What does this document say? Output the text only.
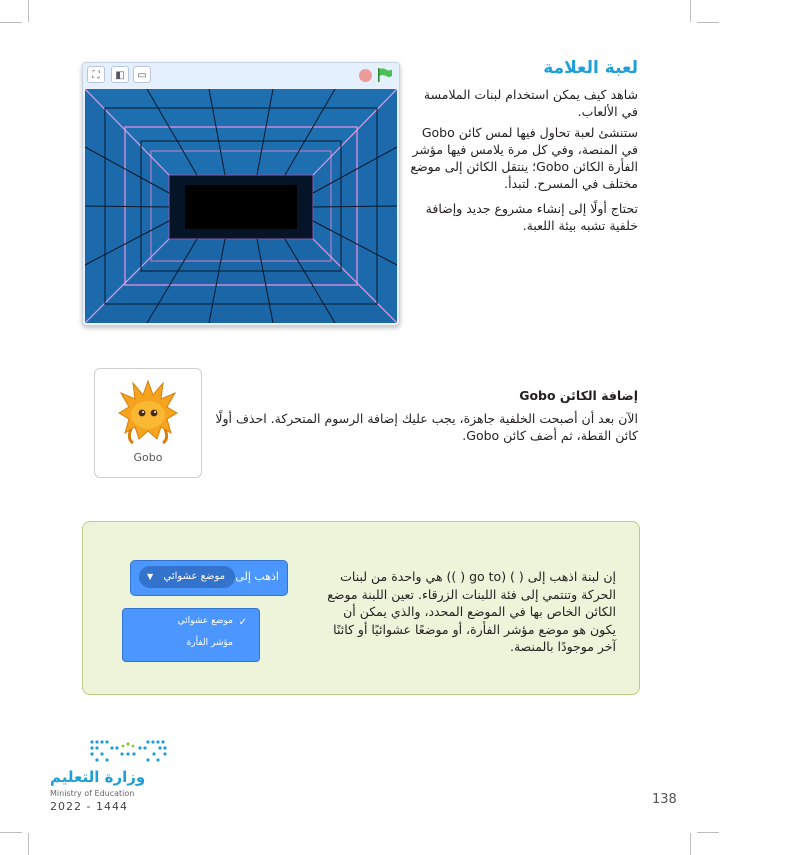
⛶	◧	▭	لعبة العلامة
شاهد كيف يمكن استخدام لبنات الملامسة في الألعاب.
ستنشئ لعبة تحاول فيها لمس كائن Gobo في المنصة، وفي كل مرة يلامس فيها مؤشر الفأرة الكائن Gobo؛ ينتقل الكائن إلى موضع مختلف في المسرح. لتبدأ.
تحتاج أولًا إلى إنشاء مشروع جديد وإضافة خلفية تشبه بيئة اللعبة.
Gobo
إضافة الكائن Gobo
الآن بعد أن أصبحت الخلفية جاهزة، يجب عليك إضافة الرسوم المتحركة. احذف أولًا كائن القطة، ثم أضف كائن Gobo.
إن لبنة اذهب إلى ( ) (go to ( )) هي واحدة من لبنات الحركة وتنتمي إلى فئة اللبنات الزرقاء. تعين اللبنة موضع الكائن الخاص بها في الموضع المحدد، والذي يمكن أن يكون هو موضع مؤشر الفأرة، أو موضعًا عشوائيًا أو كائنًا آخر موجودًا بالمنصة.
اذهب إلى
موضع عشوائي
▼
✓
موضع عشوائي
مؤشر الفأرة
وزارة التعليم
Ministry of Education
2022 - 1444	138
